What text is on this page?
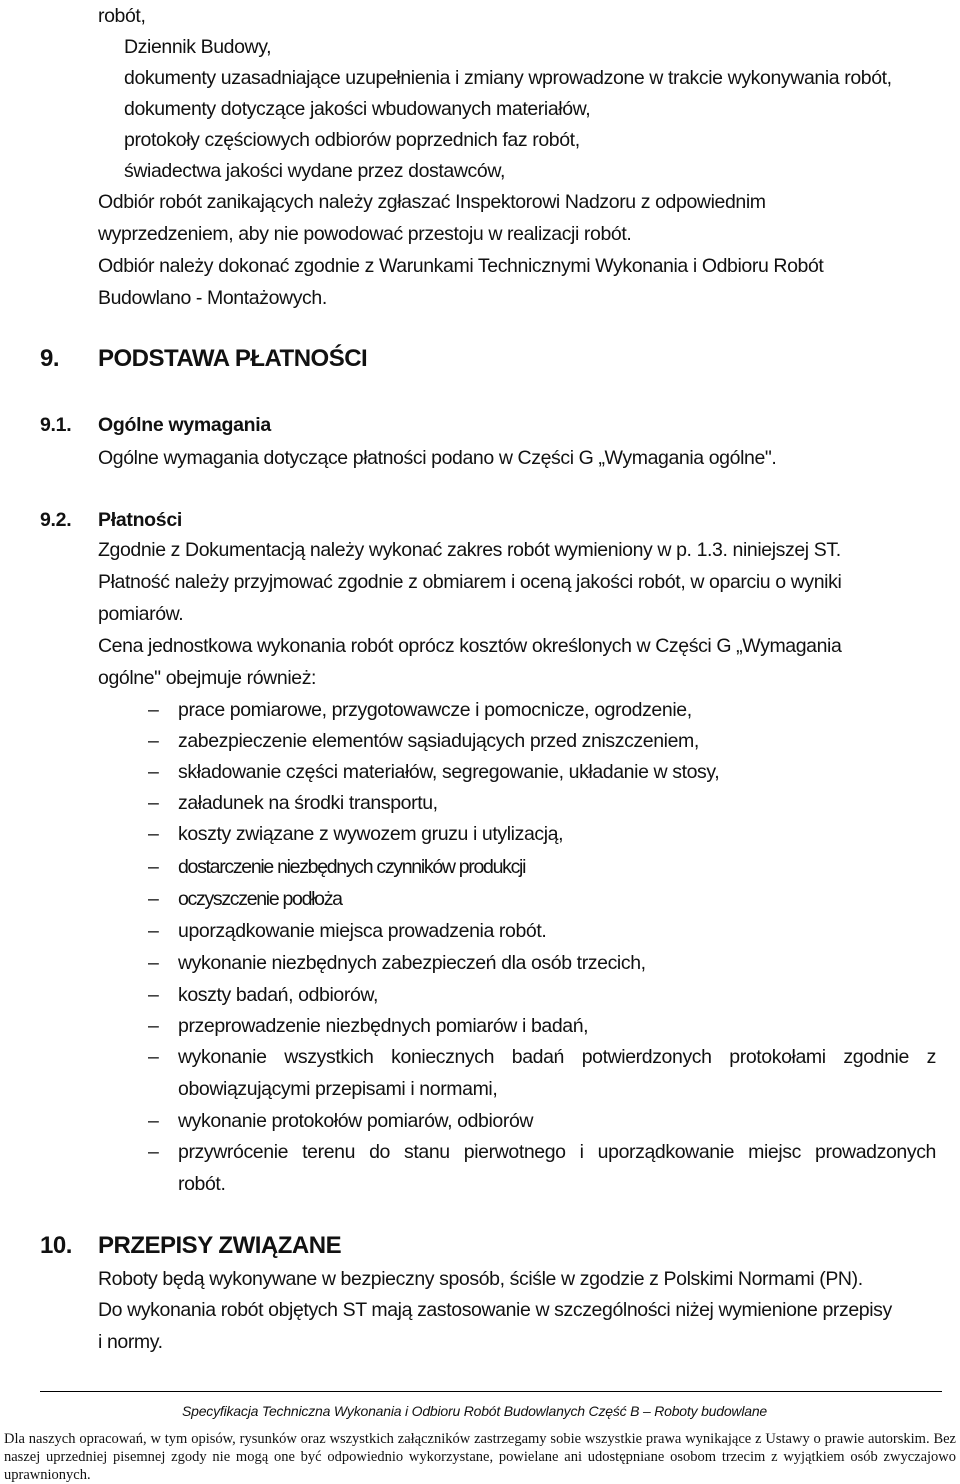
robót,
Dziennik Budowy,
dokumenty uzasadniające uzupełnienia i zmiany wprowadzone w trakcie wykonywania robót,
dokumenty dotyczące jakości wbudowanych materiałów,
protokoły częściowych odbiorów poprzednich faz robót,
świadectwa jakości wydane przez dostawców,
Odbiór robót zanikających należy zgłaszać Inspektorowi Nadzoru z odpowiednim
wyprzedzeniem, aby nie powodować przestoju w realizacji robót.
Odbiór należy dokonać zgodnie z Warunkami Technicznymi Wykonania i Odbioru Robót
Budowlano - Montażowych.
9. PODSTAWA PŁATNOŚCI
9.1. Ogólne wymagania
Ogólne wymagania dotyczące płatności podano w Części G „Wymagania ogólne".
9.2. Płatności
Zgodnie z Dokumentacją należy wykonać zakres robót wymieniony w p. 1.3. niniejszej ST.
Płatność należy przyjmować zgodnie z obmiarem i oceną jakości robót, w oparciu o wyniki
pomiarów.
Cena jednostkowa wykonania robót oprócz kosztów określonych w Części G „Wymagania
ogólne" obejmuje również:
– prace pomiarowe, przygotowawcze i pomocnicze, ogrodzenie,
– zabezpieczenie elementów sąsiadujących przed zniszczeniem,
– składowanie części materiałów, segregowanie, układanie w stosy,
– załadunek na środki transportu,
– koszty związane z wywozem gruzu i utylizacją,
– dostarczenie niezbędnych czynników produkcji
– oczyszczenie podłoża
– uporządkowanie miejsca prowadzenia robót.
– wykonanie niezbędnych zabezpieczeń dla osób trzecich,
– koszty badań, odbiorów,
– przeprowadzenie niezbędnych pomiarów i badań,
– wykonanie wszystkich koniecznych badań potwierdzonych protokołami zgodnie z
obowiązującymi przepisami i normami,
– wykonanie protokołów pomiarów, odbiorów
– przywrócenie terenu do stanu pierwotnego i uporządkowanie miejsc prowadzonych
robót.
10. PRZEPISY ZWIĄZANE
Roboty będą wykonywane w bezpieczny sposób, ściśle w zgodzie z Polskimi Normami (PN).
Do wykonania robót objętych ST mają zastosowanie w szczególności niżej wymienione przepisy
i normy.
Specyfikacja Techniczna Wykonania i Odbioru Robót Budowlanych Część B – Roboty budowlane
Dla naszych opracowań, w tym opisów, rysunków oraz wszystkich załączników zastrzegamy sobie wszystkie prawa wynikające z Ustawy o prawie autorskim. Bez naszej uprzedniej pisemnej zgody nie mogą one być odpowiednio wykorzystane, powielane ani udostępniane osobom trzecim z wyjątkiem osób zwyczajowo uprawnionych.
